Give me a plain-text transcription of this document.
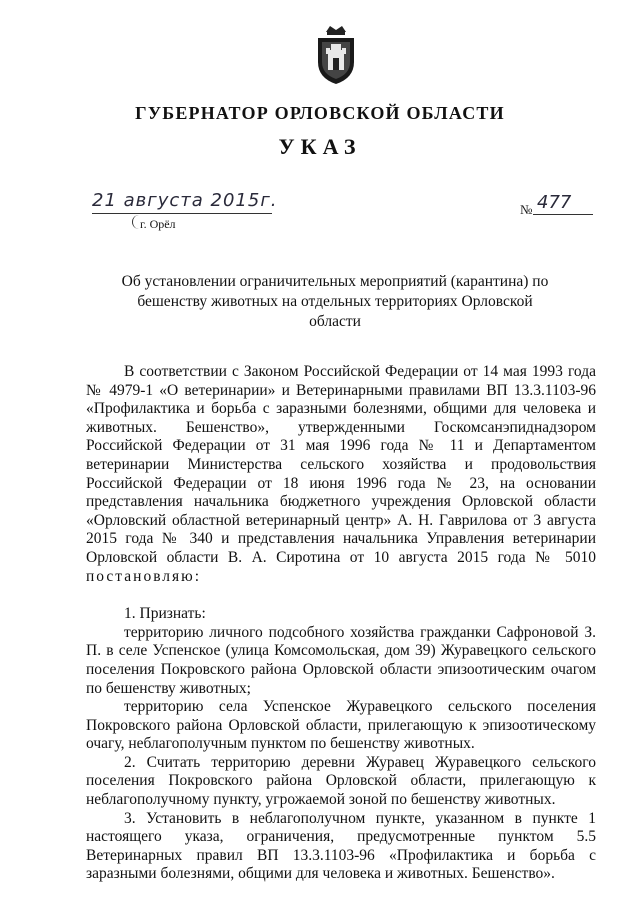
ГУБЕРНАТОР ОРЛОВСКОЙ ОБЛАСТИ
УКАЗ
21 августа 2015г.
г. Орёл
№ 477
Об установлении ограничительных мероприятий (карантина) по бешенству животных на отдельных территориях Орловской области

В соответствии с Законом Российской Федерации от 14 мая 1993 года № 4979-1 «О ветеринарии» и Ветеринарными правилами ВП 13.3.1103-96 «Профилактика и борьба с заразными болезнями, общими для человека и животных. Бешенство», утвержденными Госкомсанэпиднадзором Российской Федерации от 31 мая 1996 года № 11 и Департаментом ветеринарии Министерства сельского хозяйства и продовольствия Российской Федерации от 18 июня 1996 года № 23, на основании представления начальника бюджетного учреждения Орловской области «Орловский областной ветеринарный центр» А. Н. Гаврилова от 3 августа 2015 года № 340 и представления начальника Управления ветеринарии Орловской области В. А. Сиротина от 10 августа 2015 года № 5010 постановляю:

1. Признать:

территорию личного подсобного хозяйства гражданки Сафроновой З. П. в селе Успенское (улица Комсомольская, дом 39) Журавецкого сельского поселения Покровского района Орловской области эпизоотическим очагом по бешенству животных;

территорию села Успенское Журавецкого сельского поселения Покровского района Орловской области, прилегающую к эпизоотическому очагу, неблагополучным пунктом по бешенству животных.

2. Считать территорию деревни Журавец Журавецкого сельского поселения Покровского района Орловской области, прилегающую к неблагополучному пункту, угрожаемой зоной по бешенству животных.

3. Установить в неблагополучном пункте, указанном в пункте 1 настоящего указа, ограничения, предусмотренные пунктом 5.5 Ветеринарных правил ВП 13.3.1103-96 «Профилактика и борьба с заразными болезнями, общими для человека и животных. Бешенство».
